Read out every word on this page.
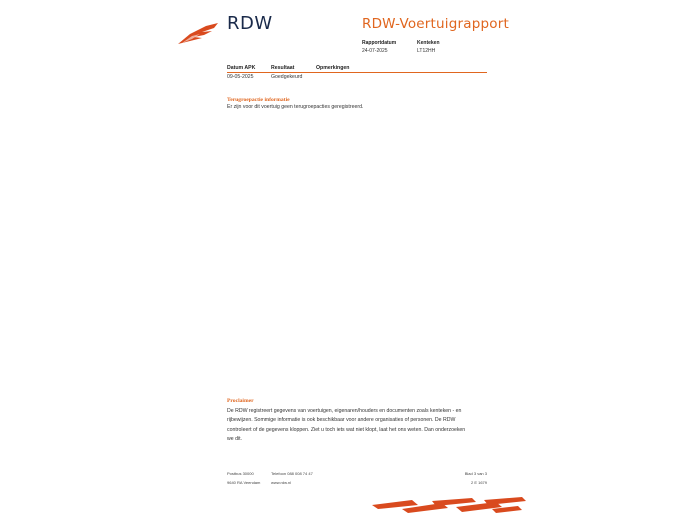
RDW	RDW-Voertuigrapport
Rapportdatum
24-07-2025
Kenteken
LT12HH
Datum APK	Resultaat	Opmerkingen
09-05-2025	Goedgekeurd
Terugroepactie informatie
Er zijn voor dit voertuig geen terugroepacties geregistreerd.
Proclaimer
De RDW registreert gegevens van voertuigen, eigenaren/houders en documenten zoals kenteken - en
rijbewijzen. Sommige informatie is ook beschikbaar voor andere organisaties of personen. De RDW
controleert of de gegevens kloppen. Ziet u toch iets wat niet klopt, laat het ons weten. Dan onderzoeken
we dit.
Postbus 30000
9640 RA Veendam
Telefoon 088 008 74 47
www.rdw.nl
Blad 3 van 3
2 E 1679
